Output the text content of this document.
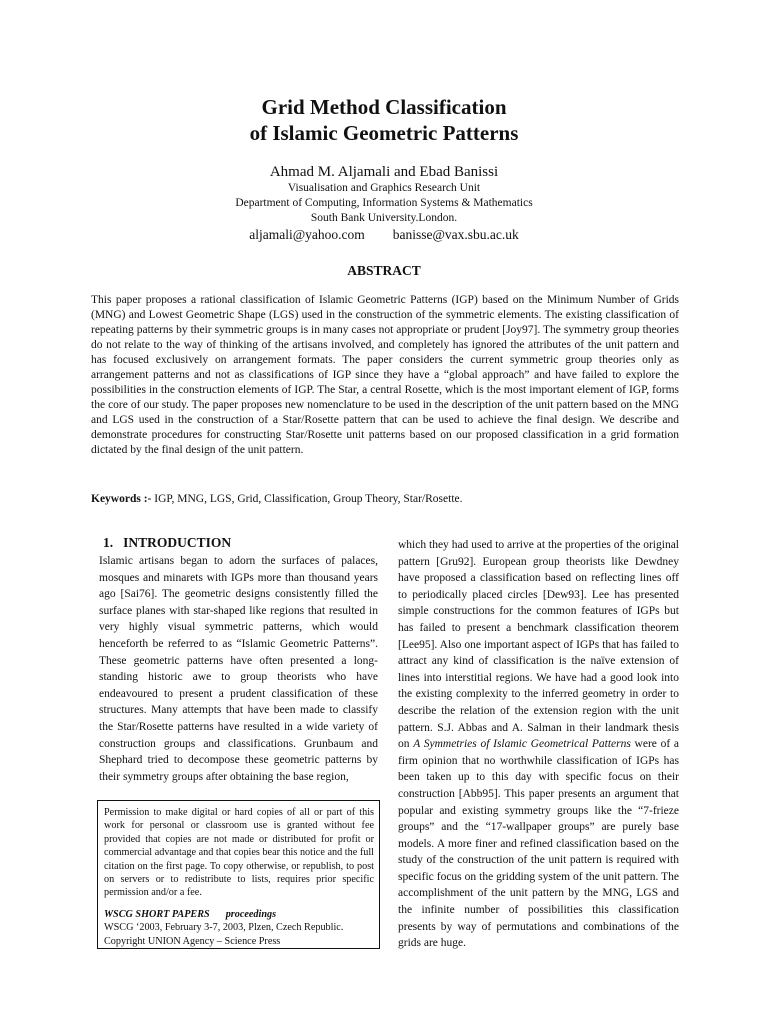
Grid Method Classification
of Islamic Geometric Patterns
Ahmad M. Aljamali and Ebad Banissi
Visualisation and Graphics Research Unit
Department of Computing, Information Systems & Mathematics
South Bank University.London.
aljamali@yahoo.com banisse@vax.sbu.ac.uk
ABSTRACT
This paper proposes a rational classification of Islamic Geometric Patterns (IGP) based on the Minimum Number of Grids (MNG) and Lowest Geometric Shape (LGS) used in the construction of the symmetric elements. The existing classification of repeating patterns by their symmetric groups is in many cases not appropriate or prudent [Joy97]. The symmetry group theories do not relate to the way of thinking of the artisans involved, and completely has ignored the attributes of the unit pattern and has focused exclusively on arrangement formats. The paper considers the current symmetric group theories only as arrangement patterns and not as classifications of IGP since they have a “global approach” and have failed to explore the possibilities in the construction elements of IGP. The Star, a central Rosette, which is the most important element of IGP, forms the core of our study. The paper proposes new nomenclature to be used in the description of the unit pattern based on the MNG and LGS used in the construction of a Star/Rosette pattern that can be used to achieve the final design. We describe and demonstrate procedures for constructing Star/Rosette unit patterns based on our proposed classification in a grid formation dictated by the final design of the unit pattern.
Keywords :- IGP, MNG, LGS, Grid, Classification, Group Theory, Star/Rosette.
1. INTRODUCTION
Islamic artisans began to adorn the surfaces of palaces, mosques and minarets with IGPs more than thousand years ago [Sai76]. The geometric designs consistently filled the surface planes with star-shaped like regions that resulted in very highly visual symmetric patterns, which would henceforth be referred to as “Islamic Geometric Patterns”. These geometric patterns have often presented a long-standing historic awe to group theorists who have endeavoured to present a prudent classification of these structures. Many attempts that have been made to classify the Star/Rosette patterns have resulted in a wide variety of construction groups and classifications. Grunbaum and Shephard tried to decompose these geometric patterns by their symmetry groups after obtaining the base region,
which they had used to arrive at the properties of the original pattern [Gru92]. European group theorists like Dewdney have proposed a classification based on reflecting lines off to periodically placed circles [Dew93]. Lee has presented simple constructions for the common features of IGPs but has failed to present a benchmark classification theorem [Lee95]. Also one important aspect of IGPs that has failed to attract any kind of classification is the naïve extension of lines into interstitial regions. We have had a good look into the existing complexity to the inferred geometry in order to describe the relation of the extension region with the unit pattern. S.J. Abbas and A. Salman in their landmark thesis on A Symmetries of Islamic Geometrical Patterns were of a firm opinion that no worthwhile classification of IGPs has been taken up to this day with specific focus on their construction [Abb95]. This paper presents an argument that popular and existing symmetry groups like the “7-frieze groups” and the “17-wallpaper groups” are purely base models. A more finer and refined classification based on the study of the construction of the unit pattern is required with specific focus on the gridding system of the unit pattern. The accomplishment of the unit pattern by the MNG, LGS and the infinite number of possibilities this classification presents by way of permutations and combinations of the grids are huge.
Permission to make digital or hard copies of all or part of this work for personal or classroom use is granted without fee provided that copies are not made or distributed for profit or commercial advantage and that copies bear this notice and the full citation on the first page. To copy otherwise, or republish, to post on servers or to redistribute to lists, requires prior specific permission and/or a fee.
WSCG SHORT PAPERS proceedings
WSCG ‘2003, February 3-7, 2003, Plzen, Czech Republic.
Copyright UNION Agency – Science Press
